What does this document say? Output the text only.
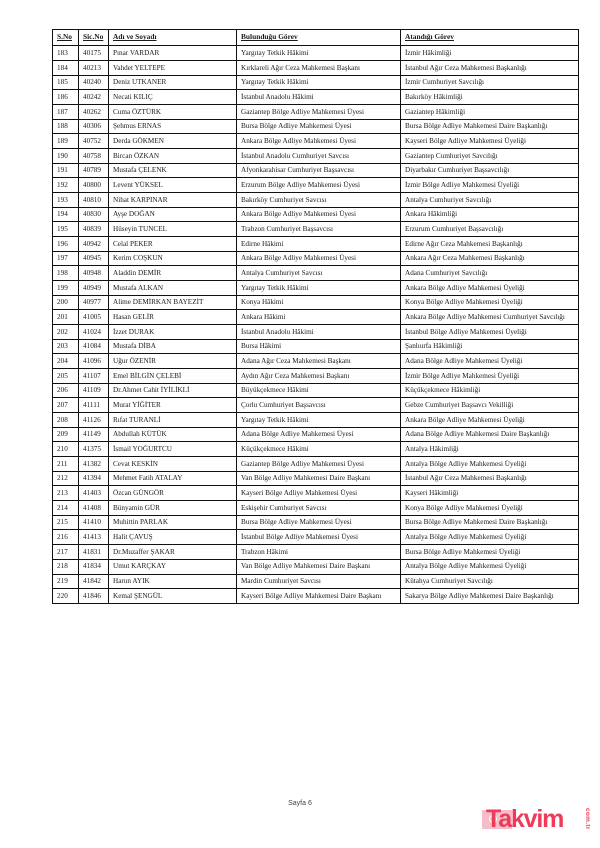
S.No	Sic.No	Adı ve Soyadı	Bulunduğu Görev	Atandığı Görev
183	40175	Pınar VARDAR	Yargıtay Tetkik Hâkimi	İzmir Hâkimliği
184	40213	Vahdet YELTEPE	Kırklareli Ağır Ceza Mahkemesi Başkanı	İstanbul Ağır Ceza Mahkemesi Başkanlığı
185	40240	Deniz UTKANER	Yargıtay Tetkik Hâkimi	İzmir Cumhuriyet Savcılığı
186	40242	Necati KILIÇ	İstanbul Anadolu Hâkimi	Bakırköy Hâkimliği
187	40262	Cuma ÖZTÜRK	Gaziantep Bölge Adliye Mahkemesi Üyesi	Gaziantep Hâkimliği
188	40306	Şehmus ERNAS	Bursa Bölge Adliye Mahkemesi Üyesi	Bursa Bölge Adliye Mahkemesi Daire Başkanlığı
189	40752	Derda GÖKMEN	Ankara Bölge Adliye Mahkemesi Üyesi	Kayseri Bölge Adliye Mahkemesi Üyeliği
190	40758	Bircan ÖZKAN	İstanbul Anadolu Cumhuriyet Savcısı	Gaziantep Cumhuriyet Savcılığı
191	40789	Mustafa ÇELENK	Afyonkarahisar Cumhuriyet Başsavcısı	Diyarbakır Cumhuriyet Başsavcılığı
192	40800	Levent YÜKSEL	Erzurum Bölge Adliye Mahkemesi Üyesi	İzmir Bölge Adliye Mahkemesi Üyeliği
193	40810	Nihat KARPINAR	Bakırköy Cumhuriyet Savcısı	Antalya Cumhuriyet Savcılığı
194	40830	Ayşe DOĞAN	Ankara Bölge Adliye Mahkemesi Üyesi	Ankara Hâkimliği
195	40839	Hüseyin TUNCEL	Trabzon Cumhuriyet Başsavcısı	Erzurum Cumhuriyet Başsavcılığı
196	40942	Celal PEKER	Edirne Hâkimi	Edirne Ağır Ceza Mahkemesi Başkanlığı
197	40945	Kerim COŞKUN	Ankara Bölge Adliye Mahkemesi Üyesi	Ankara Ağır Ceza Mahkemesi Başkanlığı
198	40948	Aladdin DEMİR	Antalya Cumhuriyet Savcısı	Adana Cumhuriyet Savcılığı
199	40949	Mustafa ALKAN	Yargıtay Tetkik Hâkimi	Ankara Bölge Adliye Mahkemesi Üyeliği
200	40977	Alime DEMİRKAN BAYEZİT	Konya Hâkimi	Konya Bölge Adliye Mahkemesi Üyeliği
201	41005	Hasan GELİR	Ankara Hâkimi	Ankara Bölge Adliye Mahkemesi Cumhuriyet Savcılığı
202	41024	İzzet DURAK	İstanbul Anadolu Hâkimi	İstanbul Bölge Adliye Mahkemesi Üyeliği
203	41084	Mustafa DİBA	Bursa Hâkimi	Şanlıurfa Hâkimliği
204	41096	Uğur ÖZENİR	Adana Ağır Ceza Mahkemesi Başkanı	Adana Bölge Adliye Mahkemesi Üyeliği
205	41107	Emel BİLGİN ÇELEBİ	Aydın Ağır Ceza Mahkemesi Başkanı	İzmir Bölge Adliye Mahkemesi Üyeliği
206	41109	Dr.Ahmet Cahit İYİLİKLİ	Büyükçekmece Hâkimi	Küçükçekmece Hâkimliği
207	41111	Murat YİĞİTER	Çorlu Cumhuriyet Başsavcısı	Gebze Cumhuriyet Başsavcı Vekilliği
208	41126	Rıfat TURANLİ	Yargıtay Tetkik Hâkimi	Ankara Bölge Adliye Mahkemesi Üyeliği
209	41149	Abdullah KÜTÜK	Adana Bölge Adliye Mahkemesi Üyesi	Adana Bölge Adliye Mahkemesi Daire Başkanlığı
210	41375	İsmail YOĞURTCU	Küçükçekmece Hâkimi	Antalya Hâkimliği
211	41382	Cevat KESKİN	Gaziantep Bölge Adliye Mahkemesi Üyesi	Antalya Bölge Adliye Mahkemesi Üyeliği
212	41394	Mehmet Fatih ATALAY	Van Bölge Adliye Mahkemesi Daire Başkanı	İstanbul Ağır Ceza Mahkemesi Başkanlığı
213	41403	Özcan GÜNGÖR	Kayseri Bölge Adliye Mahkemesi Üyesi	Kayseri Hâkimliği
214	41408	Bünyamin GÜR	Eskişehir Cumhuriyet Savcısı	Konya Bölge Adliye Mahkemesi Üyeliği
215	41410	Muhittin PARLAK	Bursa Bölge Adliye Mahkemesi Üyesi	Bursa Bölge Adliye Mahkemesi Daire Başkanlığı
216	41413	Halit ÇAVUŞ	İstanbul Bölge Adliye Mahkemesi Üyesi	Antalya Bölge Adliye Mahkemesi Üyeliği
217	41831	Dr.Muzaffer ŞAKAR	Trabzon Hâkimi	Bursa Bölge Adliye Mahkemesi Üyeliği
218	41834	Umut KARÇKAY	Van Bölge Adliye Mahkemesi Daire Başkanı	Antalya Bölge Adliye Mahkemesi Üyeliği
219	41842	Harun AYIK	Mardin Cumhuriyet Savcısı	Kütahya Cumhuriyet Savcılığı
220	41846	Kemal ŞENGÜL	Kayseri Bölge Adliye Mahkemesi Daire Başkanı	Sakarya Bölge Adliye Mahkemesi Daire Başkanlığı
Sayfa 6
Takvim	com.tr
